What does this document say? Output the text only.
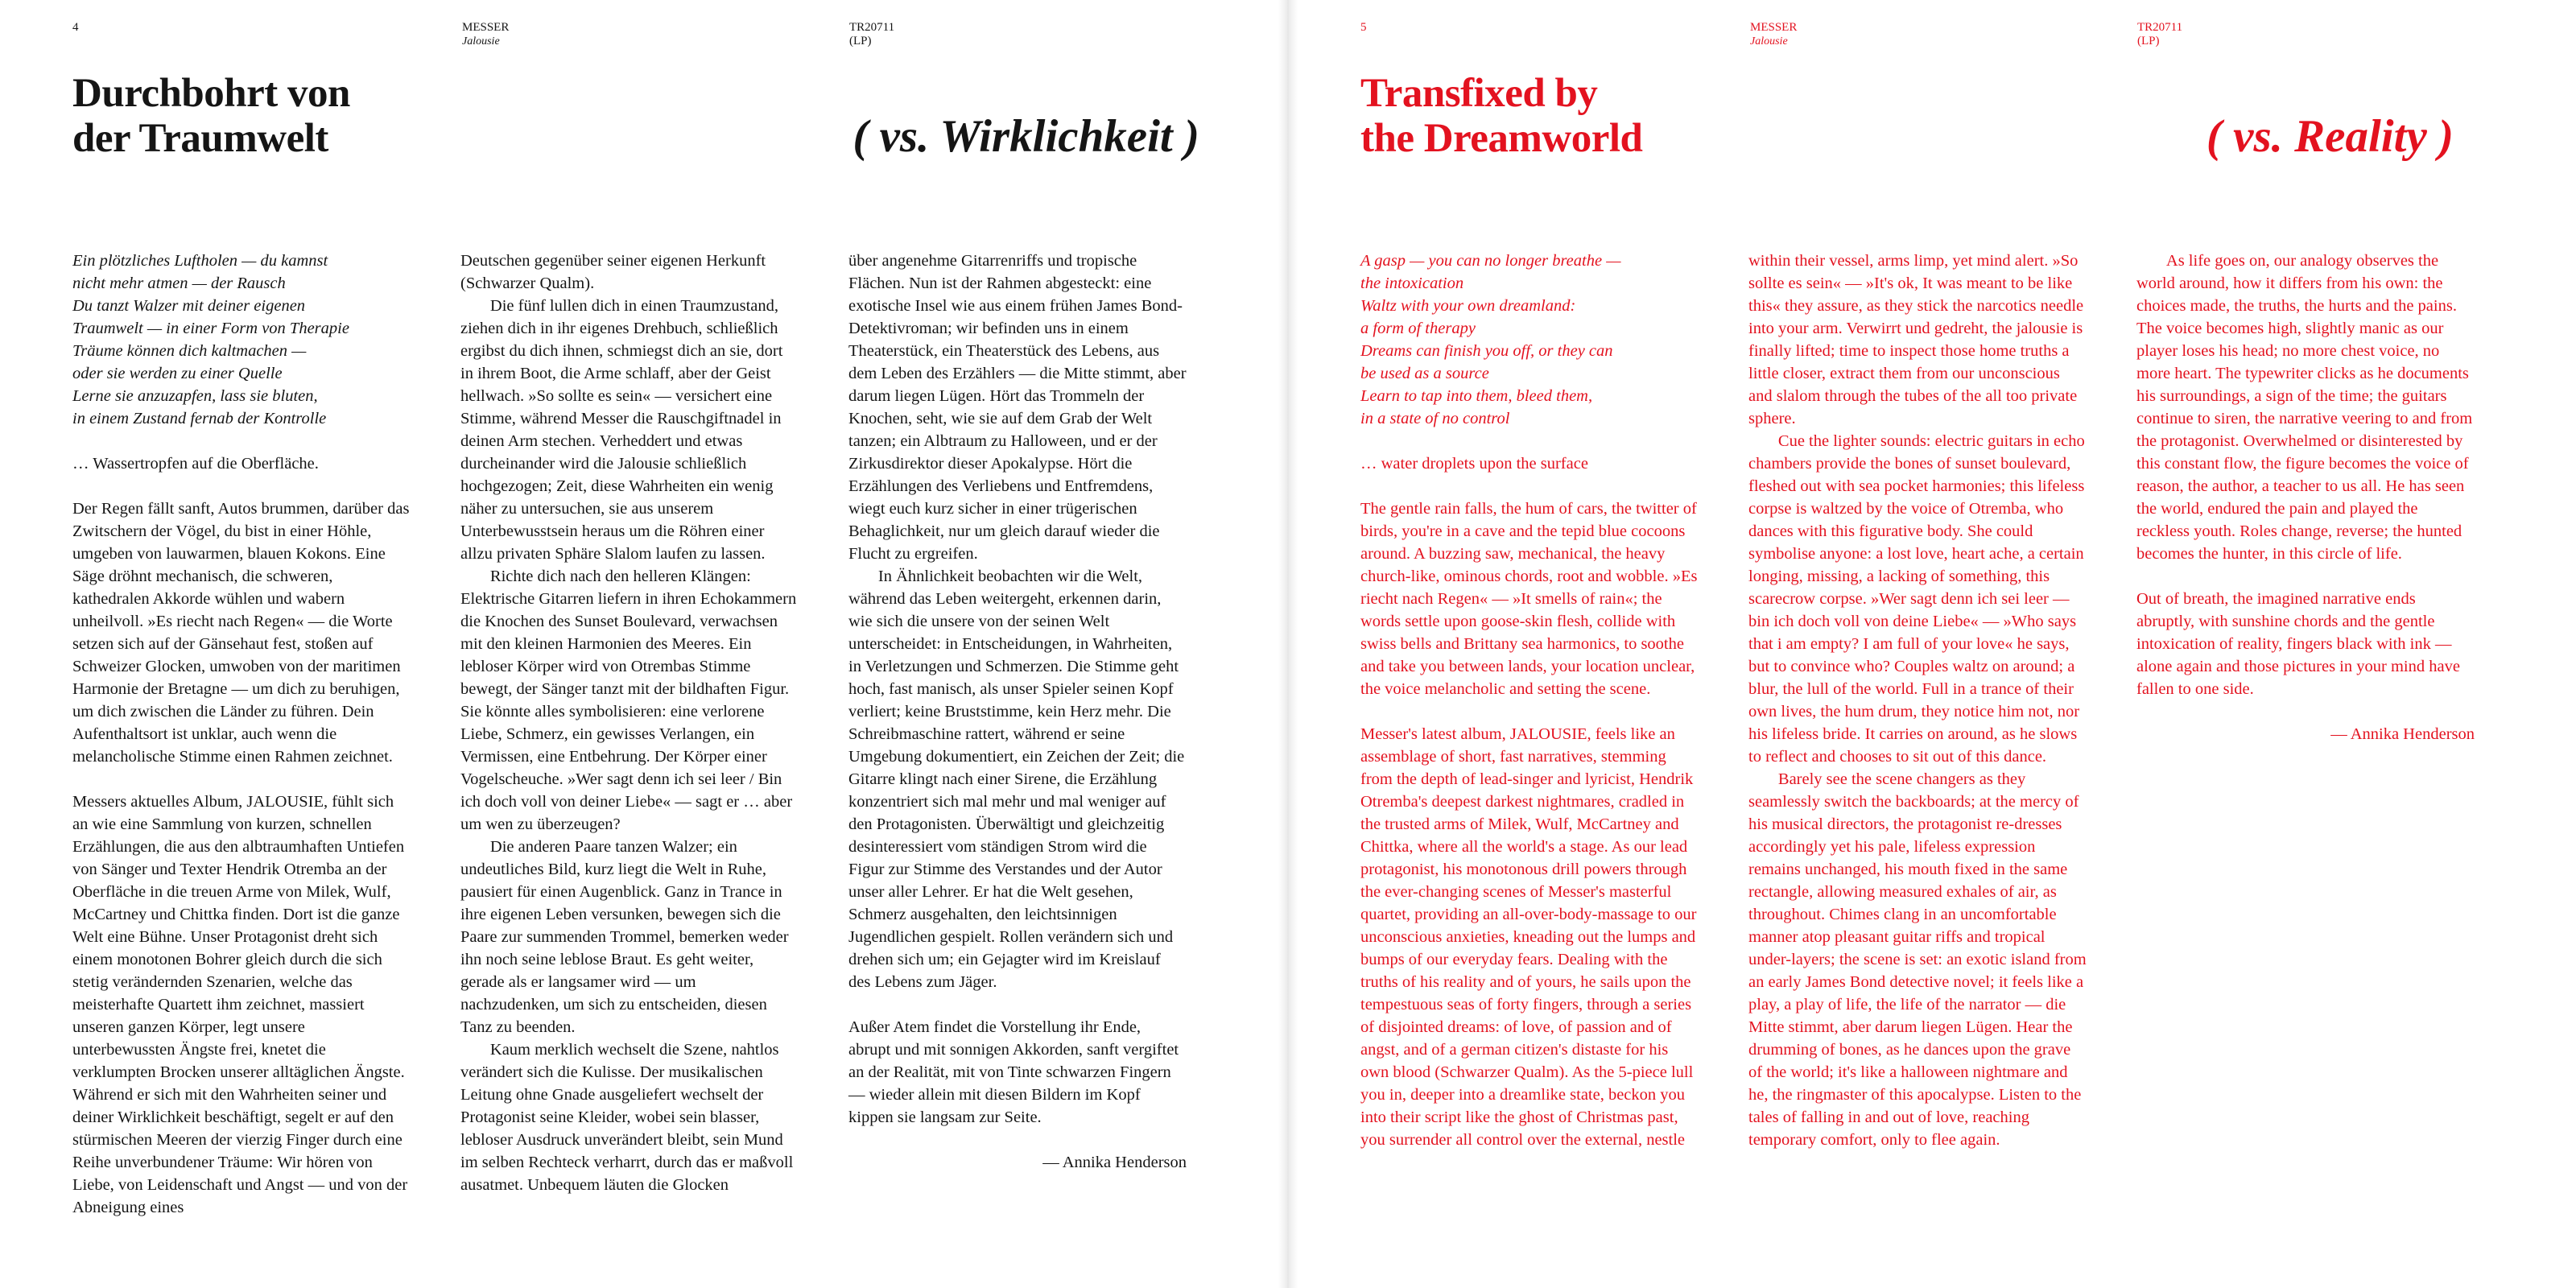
4	MESSER
Jalousie
TR20711
(LP)
Durchbohrt von
der Traumwelt	( vs. Wirklichkeit )
Ein plötzliches Luftholen — du kamnst
nicht mehr atmen — der Rausch
Du tanzt Walzer mit deiner eigenen
Traumwelt — in einer Form von Therapie
Träume können dich kaltmachen —
oder sie werden zu einer Quelle
Lerne sie anzuzapfen, lass sie bluten,
in einem Zustand fernab der Kontrolle

… Wassertropfen auf die Oberfläche.

Der Regen fällt sanft, Autos brummen, darüber das Zwitschern der Vögel, du bist in einer Höhle, umgeben von lauwarmen, blauen Kokons. Eine Säge dröhnt mechanisch, die schweren, kathedralen Akkorde wühlen und wabern unheilvoll. »Es riecht nach Regen« — die Worte setzen sich auf der Gänsehaut fest, stoßen auf Schweizer Glocken, umwoben von der maritimen Harmonie der Bretagne — um dich zu beruhigen, um dich zwischen die Länder zu führen. Dein Aufenthaltsort ist unklar, auch wenn die melancholische Stimme einen Rahmen zeichnet.

Messers aktuelles Album, JALOUSIE, fühlt sich an wie eine Sammlung von kurzen, schnellen Erzählungen, die aus den albtraumhaften Untiefen von Sänger und Texter Hendrik Otremba an der Oberfläche in die treuen Arme von Milek, Wulf, McCartney und Chittka finden. Dort ist die ganze Welt eine Bühne. Unser Protagonist dreht sich einem monotonen Bohrer gleich durch die sich stetig verändernden Szenarien, welche das meisterhafte Quartett ihm zeichnet, massiert unseren ganzen Körper, legt unsere unterbewussten Ängste frei, knetet die verklumpten Brocken unserer alltäglichen Ängste. Während er sich mit den Wahrheiten seiner und deiner Wirklichkeit beschäftigt, segelt er auf den stürmischen Meeren der vierzig Finger durch eine Reihe unverbundener Träume: Wir hören von Liebe, von Leidenschaft und Angst — und von der Abneigung eines

Deutschen gegenüber seiner eigenen Herkunft (Schwarzer Qualm).

Die fünf lullen dich in einen Traumzustand, ziehen dich in ihr eigenes Drehbuch, schließlich ergibst du dich ihnen, schmiegst dich an sie, dort in ihrem Boot, die Arme schlaff, aber der Geist hellwach. »So sollte es sein« — versichert eine Stimme, während Messer die Rauschgiftnadel in deinen Arm stechen. Verheddert und etwas durcheinander wird die Jalousie schließlich hochgezogen; Zeit, diese Wahrheiten ein wenig näher zu untersuchen, sie aus unserem Unterbewusstsein heraus um die Röhren einer allzu privaten Sphäre Slalom laufen zu lassen.

Richte dich nach den helleren Klängen: Elektrische Gitarren liefern in ihren Echokammern die Knochen des Sunset Boulevard, verwachsen mit den kleinen Harmonien des Meeres. Ein lebloser Körper wird von Otrembas Stimme bewegt, der Sänger tanzt mit der bildhaften Figur. Sie könnte alles symbolisieren: eine verlorene Liebe, Schmerz, ein gewisses Verlangen, ein Vermissen, eine Entbehrung. Der Körper einer Vogelscheuche. »Wer sagt denn ich sei leer / Bin ich doch voll von deiner Liebe« — sagt er … aber um wen zu überzeugen?

Die anderen Paare tanzen Walzer; ein undeutliches Bild, kurz liegt die Welt in Ruhe, pausiert für einen Augenblick. Ganz in Trance in ihre eigenen Leben versunken, bewegen sich die Paare zur summenden Trommel, bemerken weder ihn noch seine leblose Braut. Es geht weiter, gerade als er langsamer wird — um nachzudenken, um sich zu entscheiden, diesen Tanz zu beenden.

Kaum merklich wechselt die Szene, nahtlos verändert sich die Kulisse. Der musikalischen Leitung ohne Gnade ausgeliefert wechselt der Protagonist seine Kleider, wobei sein blasser, lebloser Ausdruck unverändert bleibt, sein Mund im selben Rechteck verharrt, durch das er maßvoll ausatmet. Unbequem läuten die Glocken

über angenehme Gitarrenriffs und tropische Flächen. Nun ist der Rahmen abgesteckt: eine exotische Insel wie aus einem frühen James Bond-Detektivroman; wir befinden uns in einem Theaterstück, ein Theaterstück des Lebens, aus dem Leben des Erzählers — die Mitte stimmt, aber darum liegen Lügen. Hört das Trommeln der Knochen, seht, wie sie auf dem Grab der Welt tanzen; ein Albtraum zu Halloween, und er der Zirkusdirektor dieser Apokalypse. Hört die Erzählungen des Verliebens und Entfremdens, wiegt euch kurz sicher in einer trügerischen Behaglichkeit, nur um gleich darauf wieder die Flucht zu ergreifen.

In Ähnlichkeit beobachten wir die Welt, während das Leben weitergeht, erkennen darin, wie sich die unsere von der seinen Welt unterscheidet: in Entscheidungen, in Wahrheiten, in Verletzungen und Schmerzen. Die Stimme geht hoch, fast manisch, als unser Spieler seinen Kopf verliert; keine Bruststimme, kein Herz mehr. Die Schreibmaschine rattert, während er seine Umgebung dokumentiert, ein Zeichen der Zeit; die Gitarre klingt nach einer Sirene, die Erzählung konzentriert sich mal mehr und mal weniger auf den Protagonisten. Überwältigt und gleichzeitig desinteressiert vom ständigen Strom wird die Figur zur Stimme des Verstandes und der Autor unser aller Lehrer. Er hat die Welt gesehen, Schmerz ausgehalten, den leichtsinnigen Jugendlichen gespielt. Rollen verändern sich und drehen sich um; ein Gejagter wird im Kreislauf des Lebens zum Jäger.

Außer Atem findet die Vorstellung ihr Ende, abrupt und mit sonnigen Akkorden, sanft vergiftet an der Realität, mit von Tinte schwarzen Fingern — wieder allein mit diesen Bildern im Kopf kippen sie langsam zur Seite.

— Annika Henderson

5	MESSER
Jalousie
TR20711
(LP)
Transfixed by
the Dreamworld	( vs. Reality )
A gasp — you can no longer breathe —
the intoxication
Waltz with your own dreamland:
a form of therapy
Dreams can finish you off, or they can
be used as a source
Learn to tap into them, bleed them,
in a state of no control

… water droplets upon the surface

The gentle rain falls, the hum of cars, the twitter of birds, you're in a cave and the tepid blue cocoons around. A buzzing saw, mechanical, the heavy church-like, ominous chords, root and wobble. »Es riecht nach Regen« — »It smells of rain«; the words settle upon goose-skin flesh, collide with swiss bells and Brittany sea harmonics, to soothe and take you between lands, your location unclear, the voice melancholic and setting the scene.

Messer's latest album, JALOUSIE, feels like an assemblage of short, fast narratives, stemming from the depth of lead-singer and lyricist, Hendrik Otremba's deepest darkest nightmares, cradled in the trusted arms of Milek, Wulf, McCartney and Chittka, where all the world's a stage. As our lead protagonist, his monotonous drill powers through the ever-changing scenes of Messer's masterful quartet, providing an all-over-body-massage to our unconscious anxieties, kneading out the lumps and bumps of our everyday fears. Dealing with the truths of his reality and of yours, he sails upon the tempestuous seas of forty fingers, through a series of disjointed dreams: of love, of passion and of angst, and of a german citizen's distaste for his own blood (Schwarzer Qualm). As the 5-piece lull you in, deeper into a dreamlike state, beckon you into their script like the ghost of Christmas past, you surrender all control over the external, nestle

within their vessel, arms limp, yet mind alert. »So sollte es sein« — »It's ok, It was meant to be like this« they assure, as they stick the narcotics needle into your arm. Verwirrt und gedreht, the jalousie is finally lifted; time to inspect those home truths a little closer, extract them from our unconscious and slalom through the tubes of the all too private sphere.

Cue the lighter sounds: electric guitars in echo chambers provide the bones of sunset boulevard, fleshed out with sea pocket harmonies; this lifeless corpse is waltzed by the voice of Otremba, who dances with this figurative body. She could symbolise anyone: a lost love, heart ache, a certain longing, missing, a lacking of something, this scarecrow corpse. »Wer sagt denn ich sei leer — bin ich doch voll von deine Liebe« — »Who says that i am empty? I am full of your love« he says, but to convince who? Couples waltz on around; a blur, the lull of the world. Full in a trance of their own lives, the hum drum, they notice him not, nor his lifeless bride. It carries on around, as he slows to reflect and chooses to sit out of this dance.

Barely see the scene changers as they seamlessly switch the backboards; at the mercy of his musical directors, the protagonist re-dresses accordingly yet his pale, lifeless expression remains unchanged, his mouth fixed in the same rectangle, allowing measured exhales of air, as throughout. Chimes clang in an uncomfortable manner atop pleasant guitar riffs and tropical under-layers; the scene is set: an exotic island from an early James Bond detective novel; it feels like a play, a play of life, the life of the narrator — die Mitte stimmt, aber darum liegen Lügen. Hear the drumming of bones, as he dances upon the grave of the world; it's like a halloween nightmare and he, the ringmaster of this apocalypse. Listen to the tales of falling in and out of love, reaching temporary comfort, only to flee again.

As life goes on, our analogy observes the world around, how it differs from his own: the choices made, the truths, the hurts and the pains. The voice becomes high, slightly manic as our player loses his head; no more chest voice, no more heart. The typewriter clicks as he documents his surroundings, a sign of the time; the guitars continue to siren, the narrative veering to and from the protagonist. Overwhelmed or disinterested by this constant flow, the figure becomes the voice of reason, the author, a teacher to us all. He has seen the world, endured the pain and played the reckless youth. Roles change, reverse; the hunted becomes the hunter, in this circle of life.

Out of breath, the imagined narrative ends abruptly, with sunshine chords and the gentle intoxication of reality, fingers black with ink — alone again and those pictures in your mind have fallen to one side.

— Annika Henderson
